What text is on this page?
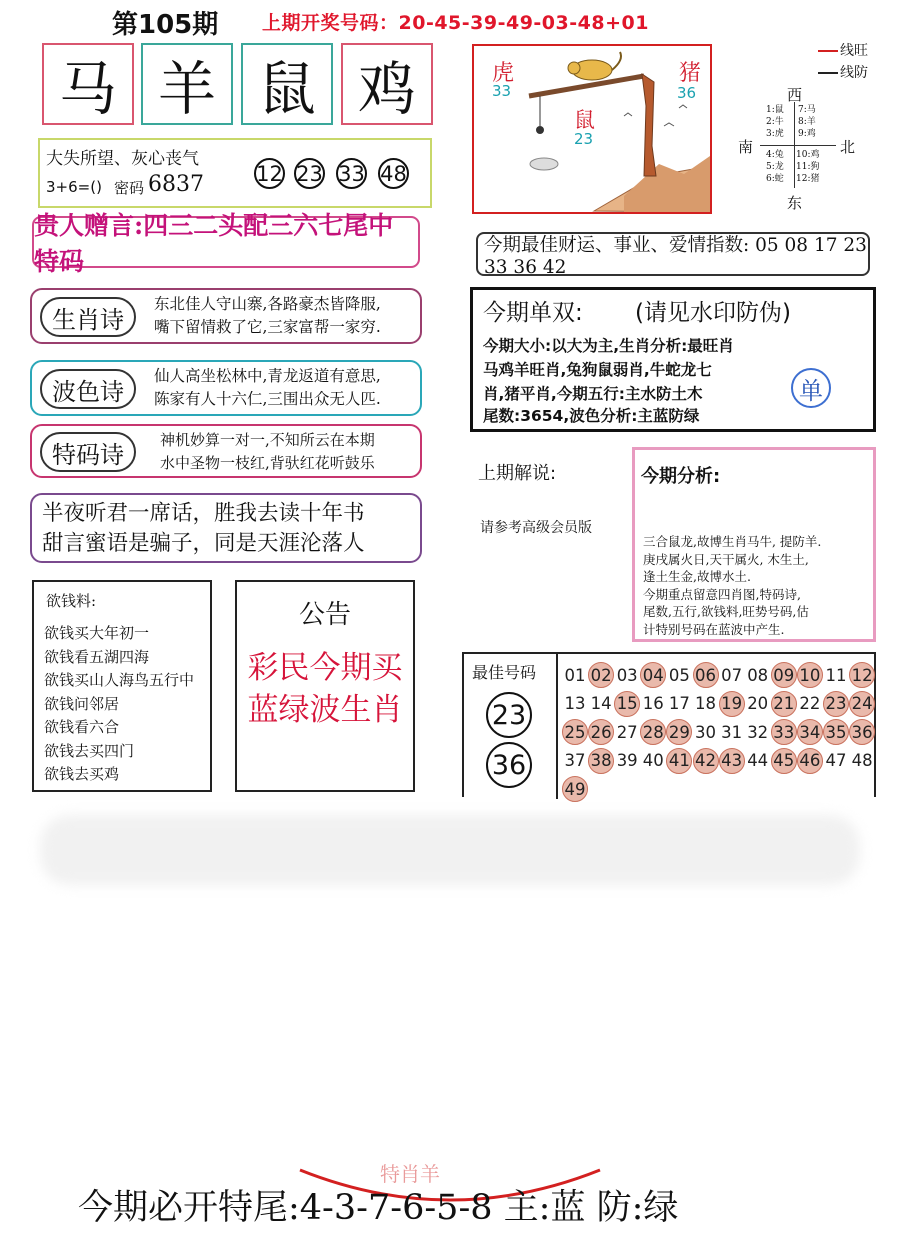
第105期 上期开奖号码：20-45-39-49-03-48+01
马 羊 鼠 鸡
大失所望、灰心丧气
3+6=() 密码 6837 12 23 33 48
贵人赠言:四三二头配三六七尾中特码
生肖诗
东北佳人守山寨,各路豪杰皆降服,
嘴下留情救了它,三家富帮一家穷.
波色诗
仙人高坐松林中,青龙返道有意思,
陈家有人十六仁,三围出众无人匹.
特码诗
神机妙算一对一,不知所云在本期
水中圣物一枝红,背驮红花听鼓乐
半夜听君一席话，胜我去读十年书
甜言蜜语是骗子，同是天涯沦落人
欲钱料:
欲钱买大年初一
欲钱看五湖四海
欲钱买山人海鸟五行中
欲钱问邻居
欲钱看六合
欲钱去买四门
欲钱去买鸡
公告
彩民今期买
蓝绿波生肖
虎
33
猪
36
鼠
23
线旺
线防
西
东
南	北
1:鼠
2:牛
3:虎
7:马
8:羊
9:鸡
4:兔
5:龙
6:蛇
10:鸡
11:狗
12:猪
今期最佳财运、事业、爱情指数: 05 08 17 23 33 36 42
今期单双: (请见水印防伪)
今期大小:以大为主,生肖分析:最旺肖
马鸡羊旺肖,兔狗鼠弱肖,牛蛇龙七
肖,猪平肖,今期五行:主水防土木
尾数:3654,波色分析:主蓝防绿
单
上期解说:
请参考高级会员版
今期分析:
三合鼠龙,故博生肖马牛, 提防羊.
庚戌属火日,天干属火, 木生土,
逢土生金,故博水土.
今期重点留意四肖图,特码诗,
尾数,五行,欲钱料,旺势号码,估
计特别号码在蓝波中产生.
最佳号码
23
36
01 02 03 04 05 06 07 08 09 10 11 12
13 14 15 16 17 18 19 20 21 22 23 24
25 26 27 28 29 30 31 32 33 34 35 36
37 38 39 40 41 42 43 44 45 46 47 48
49
特肖羊
今期必开特尾:4-3-7-6-5-8 主:蓝 防:绿
